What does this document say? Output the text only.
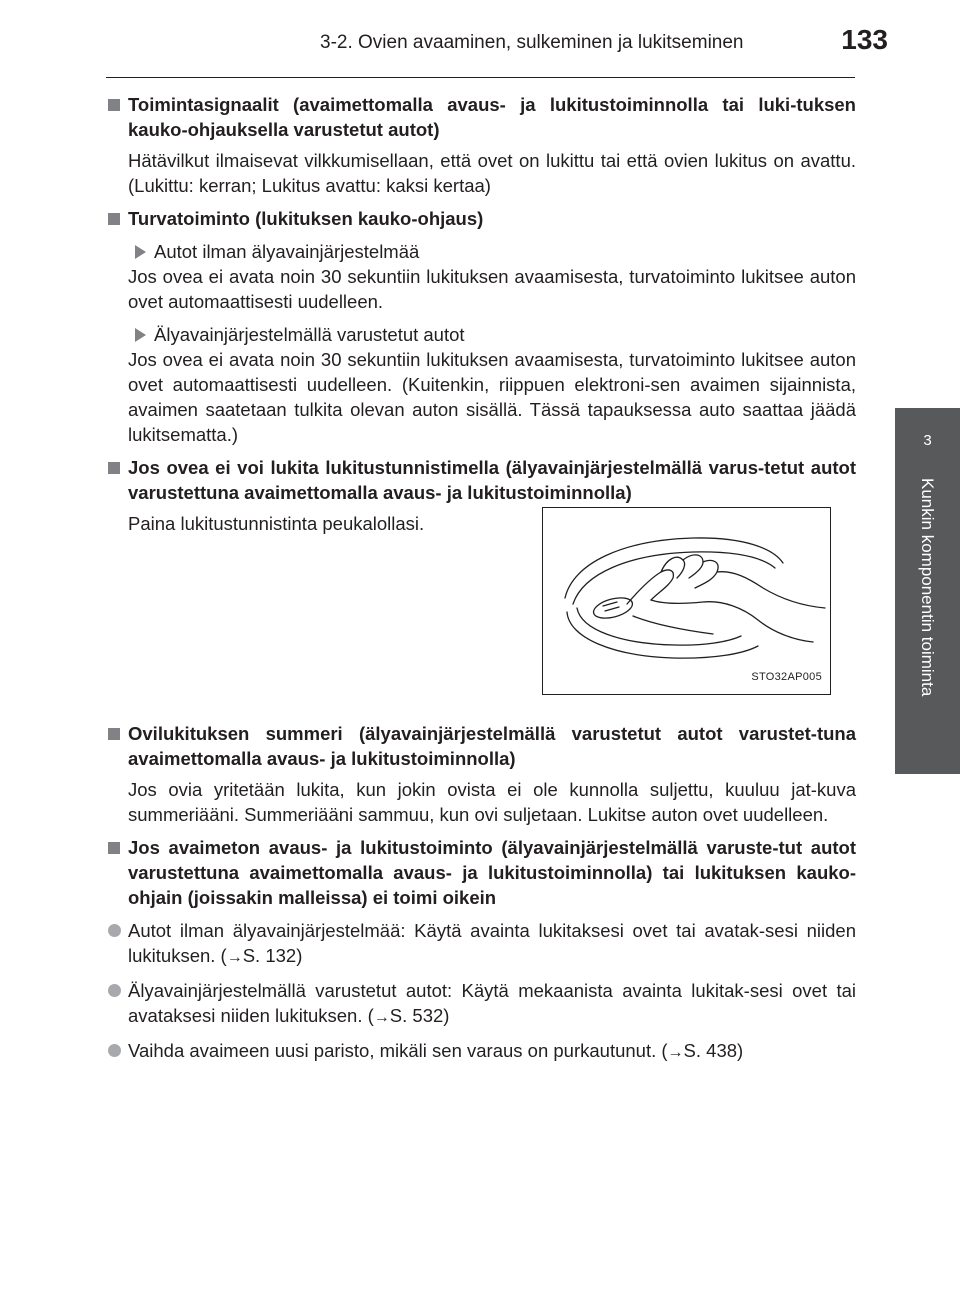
3-2. Ovien avaaminen, sulkeminen ja lukitseminen	133
3
Kunkin komponentin toiminta
Toimintasignaalit (avaimettomalla avaus- ja lukitustoiminnolla tai luki-tuksen kauko-ohjauksella varustetut autot)
Hätävilkut ilmaisevat vilkkumisellaan, että ovet on lukittu tai että ovien lukitus on avattu. (Lukittu: kerran; Lukitus avattu: kaksi kertaa)
Turvatoiminto (lukituksen kauko-ohjaus)
Autot ilman älyavainjärjestelmää
Jos ovea ei avata noin 30 sekuntiin lukituksen avaamisesta, turvatoiminto lukitsee auton ovet automaattisesti uudelleen.
Älyavainjärjestelmällä varustetut autot
Jos ovea ei avata noin 30 sekuntiin lukituksen avaamisesta, turvatoiminto lukitsee auton ovet automaattisesti uudelleen. (Kuitenkin, riippuen elektroni-sen avaimen sijainnista, avaimen saatetaan tulkita olevan auton sisällä. Tässä tapauksessa auto saattaa jäädä lukitsematta.)
Jos ovea ei voi lukita lukitustunnistimella (älyavainjärjestelmällä varus-tetut autot varustettuna avaimettomalla avaus- ja lukitustoiminnolla)
Paina lukitustunnistinta peukalollasi.
STO32AP005
Ovilukituksen summeri (älyavainjärjestelmällä varustetut autot varustet-tuna avaimettomalla avaus- ja lukitustoiminnolla)
Jos ovia yritetään lukita, kun jokin ovista ei ole kunnolla suljettu, kuuluu jat-kuva summeriääni. Summeriääni sammuu, kun ovi suljetaan. Lukitse auton ovet uudelleen.
Jos avaimeton avaus- ja lukitustoiminto (älyavainjärjestelmällä varuste-tut autot varustettuna avaimettomalla avaus- ja lukitustoiminnolla) tai lukituksen kauko-ohjain (joissakin malleissa) ei toimi oikein
Autot ilman älyavainjärjestelmää: Käytä avainta lukitaksesi ovet tai avatak-sesi niiden lukituksen. (→S. 132)
Älyavainjärjestelmällä varustetut autot: Käytä mekaanista avainta lukitak-sesi ovet tai avataksesi niiden lukituksen. (→S. 532)
Vaihda avaimeen uusi paristo, mikäli sen varaus on purkautunut. (→S. 438)
